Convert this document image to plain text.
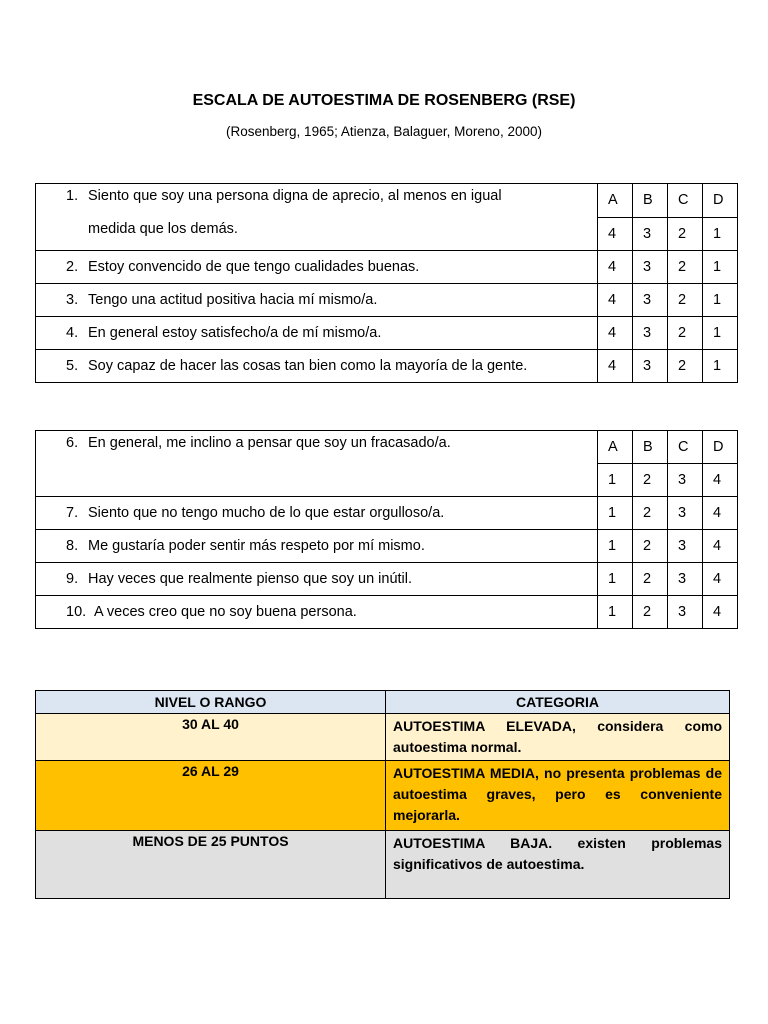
ESCALA DE AUTOESTIMA DE ROSENBERG (RSE)
(Rosenberg, 1965; Atienza, Balaguer, Moreno, 2000)
1. Siento que soy una persona digna de aprecio, al menos en igual
medida que los demás.	A	B	C	D
	4	3	2	1
2. Estoy convencido de que tengo cualidades buenas.	4	3	2	1
3. Tengo una actitud positiva hacia mí mismo/a.	4	3	2	1
4. En general estoy satisfecho/a de mí mismo/a.	4	3	2	1
5. Soy capaz de hacer las cosas tan bien como la mayoría de la gente.	4	3	2	1
6. En general, me inclino a pensar que soy un fracasado/a.	A	B	C	D
	1	2	3	4
7. Siento que no tengo mucho de lo que estar orgulloso/a.	1	2	3	4
8. Me gustaría poder sentir más respeto por mí mismo.	1	2	3	4
9. Hay veces que realmente pienso que soy un inútil.	1	2	3	4
10. A veces creo que no soy buena persona.	1	2	3	4
NIVEL O RANGO	CATEGORIA
30 AL 40	AUTOESTIMA ELEVADA, considera como autoestima normal.
26 AL 29	AUTOESTIMA MEDIA, no presenta problemas de autoestima graves, pero es conveniente mejorarla.
MENOS DE 25 PUNTOS	AUTOESTIMA BAJA. existen problemas significativos de autoestima.
